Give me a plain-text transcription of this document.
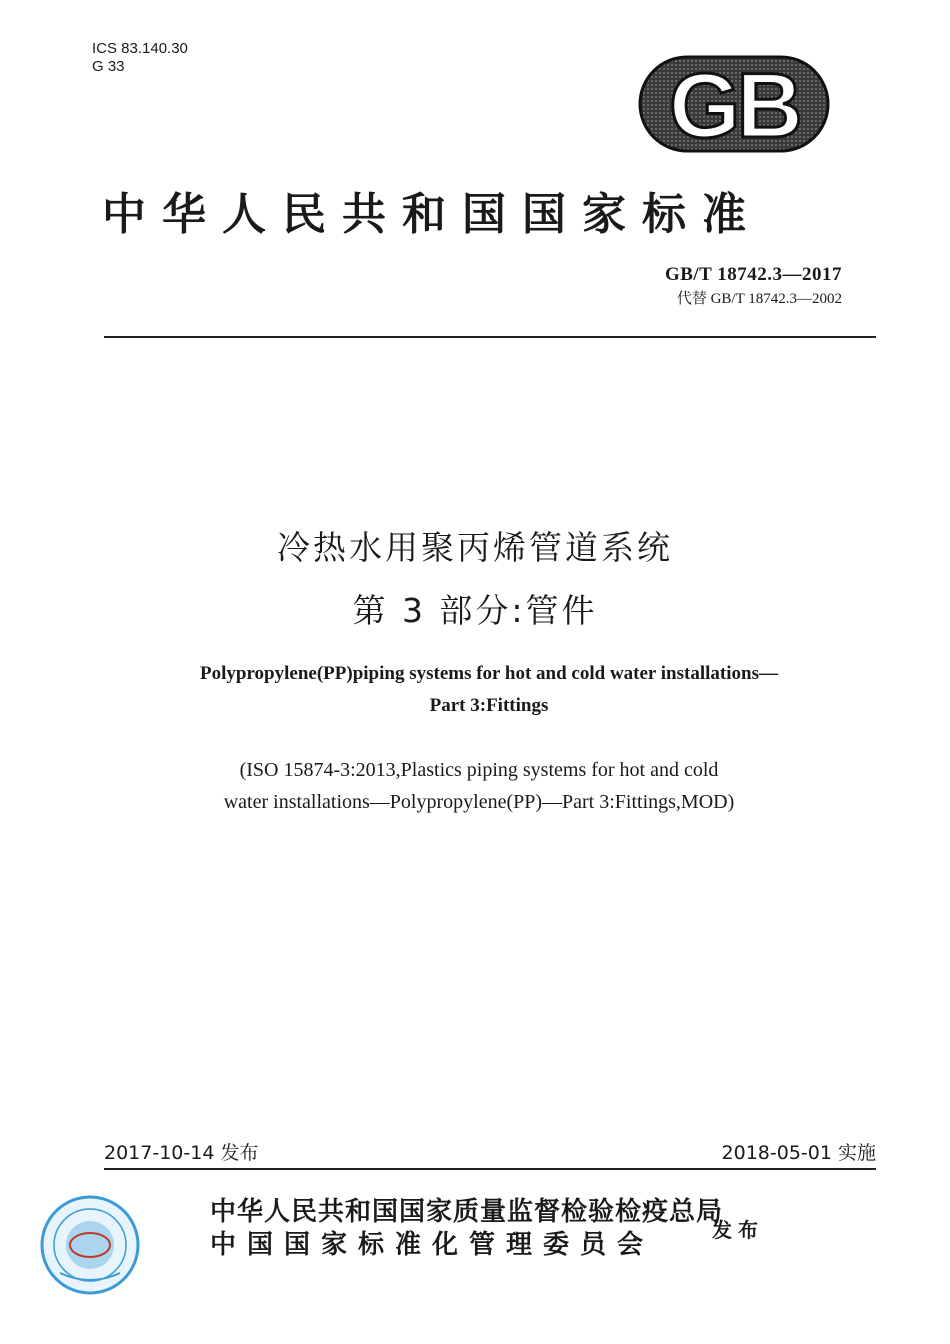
ICS 83.140.30
G 33	GB
中华人民共和国国家标准
GB/T 18742.3—2017
代替 GB/T 18742.3—2002
冷热水用聚丙烯管道系统
第 3 部分:管件
Polypropylene(PP)piping systems for hot and cold water installations—
Part 3:Fittings
(ISO 15874-3:2013,Plastics piping systems for hot and cold
water installations—Polypropylene(PP)—Part 3:Fittings,MOD)
2017-10-14 发布	2018-05-01 实施
中华人民共和国国家质量监督检验检疫总局
中国国家标准化管理委员会	发布
